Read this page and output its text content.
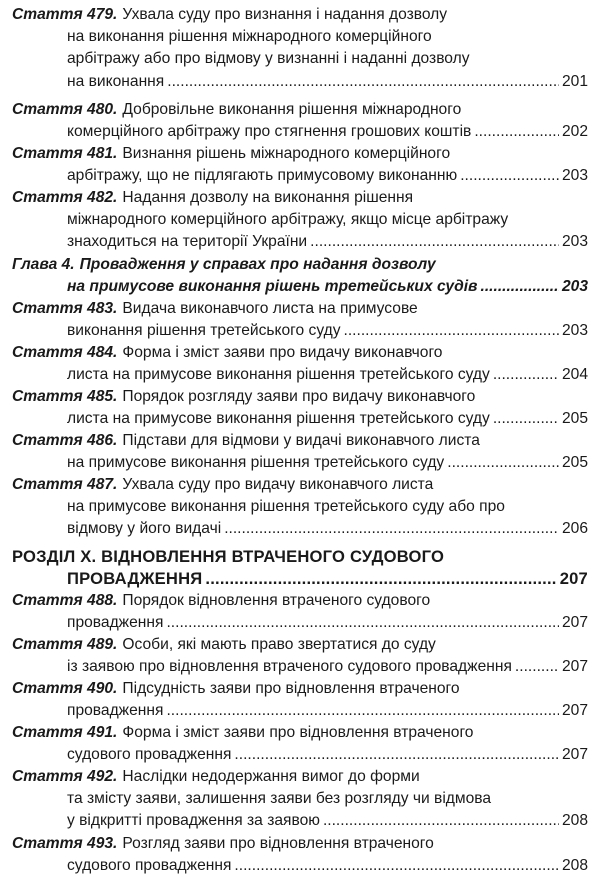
Стаття 479. Ухвала суду про визнання і надання дозволу
на виконання рішення міжнародного комерційного
арбітражу або про відмову у визнанні і наданні дозволу
на виконання .....	201
Стаття 480. Добровільне виконання рішення міжнародного
комерційного арбітражу про стягнення грошових коштів .....	202
Стаття 481. Визнання рішень міжнародного комерційного
арбітражу, що не підлягають примусовому виконанню .....	203
Стаття 482. Надання дозволу на виконання рішення
міжнародного комерційного арбітражу, якщо місце арбітражу
знаходиться на території України .....	203
Глава 4. Провадження у справах про надання дозволу
на примусове виконання рішень третейських судів .....	203
Стаття 483. Видача виконавчого листа на примусове
виконання рішення третейського суду .....	203
Стаття 484. Форма і зміст заяви про видачу виконавчого
листа на примусове виконання рішення третейського суду .....	204
Стаття 485. Порядок розгляду заяви про видачу виконавчого
листа на примусове виконання рішення третейського суду .....	205
Стаття 486. Підстави для відмови у видачі виконавчого листа
на примусове виконання рішення третейського суду .....	205
Стаття 487. Ухвала суду про видачу виконавчого листа
на примусове виконання рішення третейського суду або про
відмову у його видачі .....	206
РОЗДІЛ X. ВІДНОВЛЕННЯ ВТРАЧЕНОГО СУДОВОГО
ПРОВАДЖЕННЯ .....	207
Стаття 488. Порядок відновлення втраченого судового
провадження .....	207
Стаття 489. Особи, які мають право звертатися до суду
із заявою про відновлення втраченого судового провадження .....	207
Стаття 490. Підсудність заяви про відновлення втраченого
провадження .....	207
Стаття 491. Форма і зміст заяви про відновлення втраченого
судового провадження .....	207
Стаття 492. Наслідки недодержання вимог до форми
та змісту заяви, залишення заяви без розгляду чи відмова
у відкритті провадження за заявою .....	208
Стаття 493. Розгляд заяви про відновлення втраченого
судового провадження .....	208
